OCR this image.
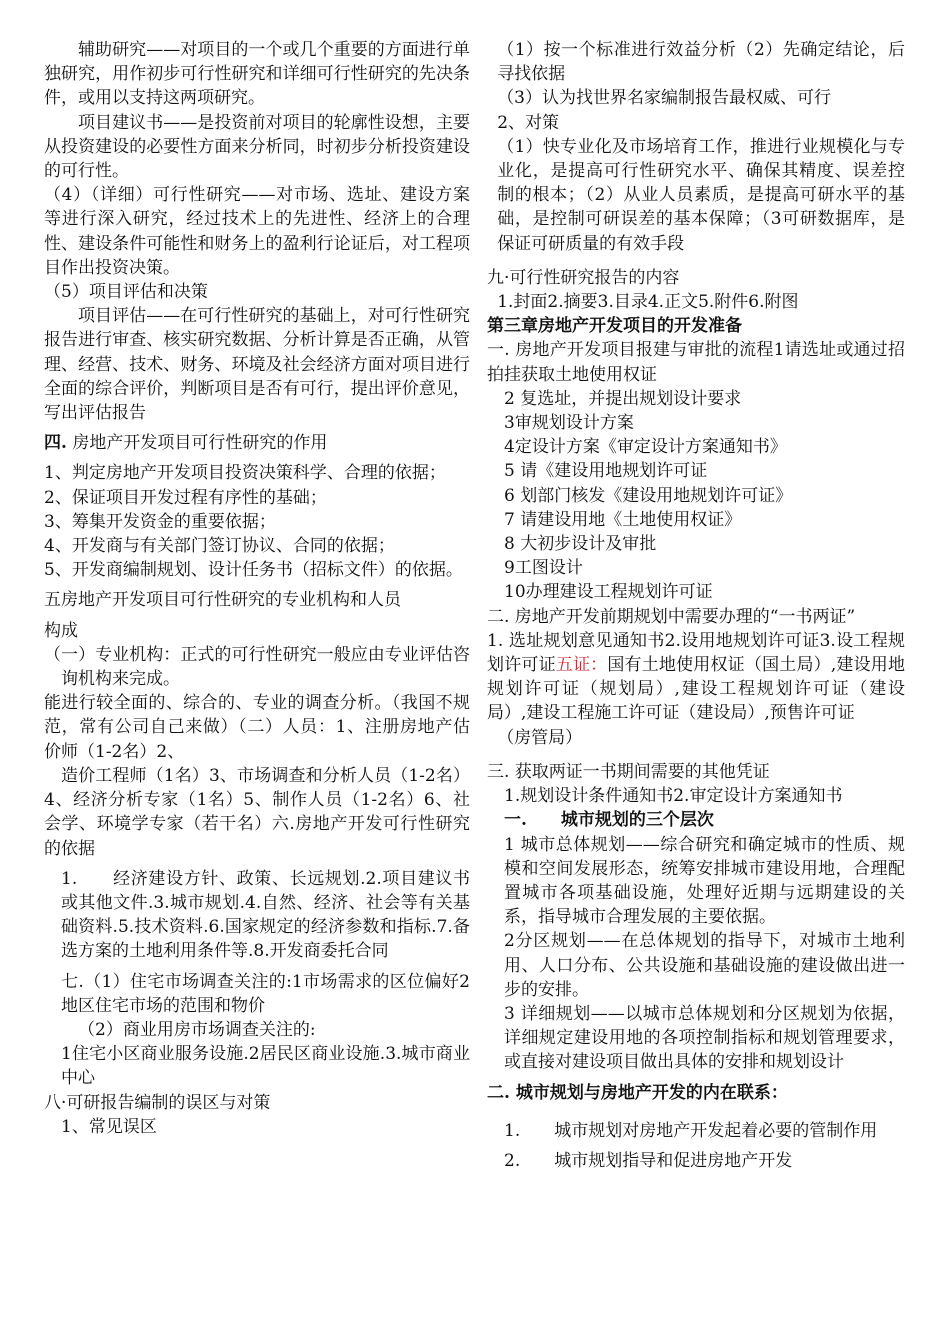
辅助研究——对项目的一个或几个重要的方面进行单独研究，用作初步可行性研究和详细可行性研究的先决条件，或用以支持这两项研究。

项目建议书——是投资前对项目的轮廓性设想，主要从投资建设的必要性方面来分析同，时初步分析投资建设的可行性。

（4）（详细）可行性研究——对市场、选址、建设方案等进行深入研究，经过技术上的先进性、经济上的合理性、建设条件可能性和财务上的盈利行论证后，对工程项目作出投资决策。

（5）项目评估和决策

项目评估——在可行性研究的基础上，对可行性研究报告进行审查、核实研究数据、分析计算是否正确，从管理、经营、技术、财务、环境及社会经济方面对项目进行全面的综合评价，判断项目是否有可行，提出评价意见，写出评估报告

四. 房地产开发项目可行性研究的作用

1、判定房地产开发项目投资决策科学、合理的依据；

2、保证项目开发过程有序性的基础；

3、筹集开发资金的重要依据；

4、开发商与有关部门签订协议、合同的依据；

5、开发商编制规划、设计任务书（招标文件）的依据。

五房地产开发项目可行性研究的专业机构和人员

构成

（一）专业机构：正式的可行性研究一般应由专业评估咨询机构来完成。

能进行较全面的、综合的、专业的调查分析。（我国不规范，常有公司自己来做）（二）人员：1、注册房地产估价师（1-2名）2、

造价工程师（1名）3、市场调查和分析人员（1-2名）4、经济分析专家（1名）5、制作人员（1-2名）6、社会学、环境学专家（若干名）六.房地产开发可行性研究的依据

1.　　经济建设方针、政策、长远规划.2.项目建议书或其他文件.3.城市规划.4.自然、经济、社会等有关基础资料.5.技术资料.6.国家规定的经济参数和指标.7.备选方案的土地利用条件等.8.开发商委托合同

七.（1）住宅市场调查关注的:1市场需求的区位偏好2地区住宅市场的范围和物价

（2）商业用房市场调查关注的:

1住宅小区商业服务设施.2居民区商业设施.3.城市商业中心

八·可研报告编制的误区与对策

1、常见误区

（1）按一个标准进行效益分析（2）先确定结论，后寻找依据

（3）认为找世界名家编制报告最权威、可行

2、对策

（1）快专业化及市场培育工作，推进行业规模化与专业化，是提高可行性研究水平、确保其精度、误差控制的根本；（2）从业人员素质，是提高可研水平的基础，是控制可研误差的基本保障；（3可研数据库，是保证可研质量的有效手段

九·可行性研究报告的内容

1.封面2.摘要3.目录4.正文5.附件6.附图

第三章房地产开发项目的开发准备

一. 房地产开发项目报建与审批的流程1请选址或通过招拍挂获取土地使用权证

2 复选址，并提出规划设计要求

3审规划设计方案

4定设计方案《审定设计方案通知书》

5 请《建设用地规划许可证

6 划部门核发《建设用地规划许可证》

7 请建设用地《土地使用权证》

8 大初步设计及审批

9工图设计

10办理建设工程规划许可证

二. 房地产开发前期规划中需要办理的“一书两证”

1. 选址规划意见通知书2.设用地规划许可证3.设工程规划许可证五证：国有土地使用权证（国土局）,建设用地规划许可证（规划局）,建设工程规划许可证（建设局）,建设工程施工许可证（建设局）,预售许可证

（房管局）

三. 获取两证一书期间需要的其他凭证

1.规划设计条件通知书2.审定设计方案通知书

一.　　城市规划的三个层次

1 城市总体规划——综合研究和确定城市的性质、规模和空间发展形态，统筹安排城市建设用地，合理配置城市各项基础设施，处理好近期与远期建设的关系，指导城市合理发展的主要依据。

2分区规划——在总体规划的指导下，对城市土地利用、人口分布、公共设施和基础设施的建设做出进一步的安排。

3 详细规划——以城市总体规划和分区规划为依据，详细规定建设用地的各项控制指标和规划管理要求，或直接对建设项目做出具体的安排和规划设计

二. 城市规划与房地产开发的内在联系：

1.　　城市规划对房地产开发起着必要的管制作用

2.　　城市规划指导和促进房地产开发
